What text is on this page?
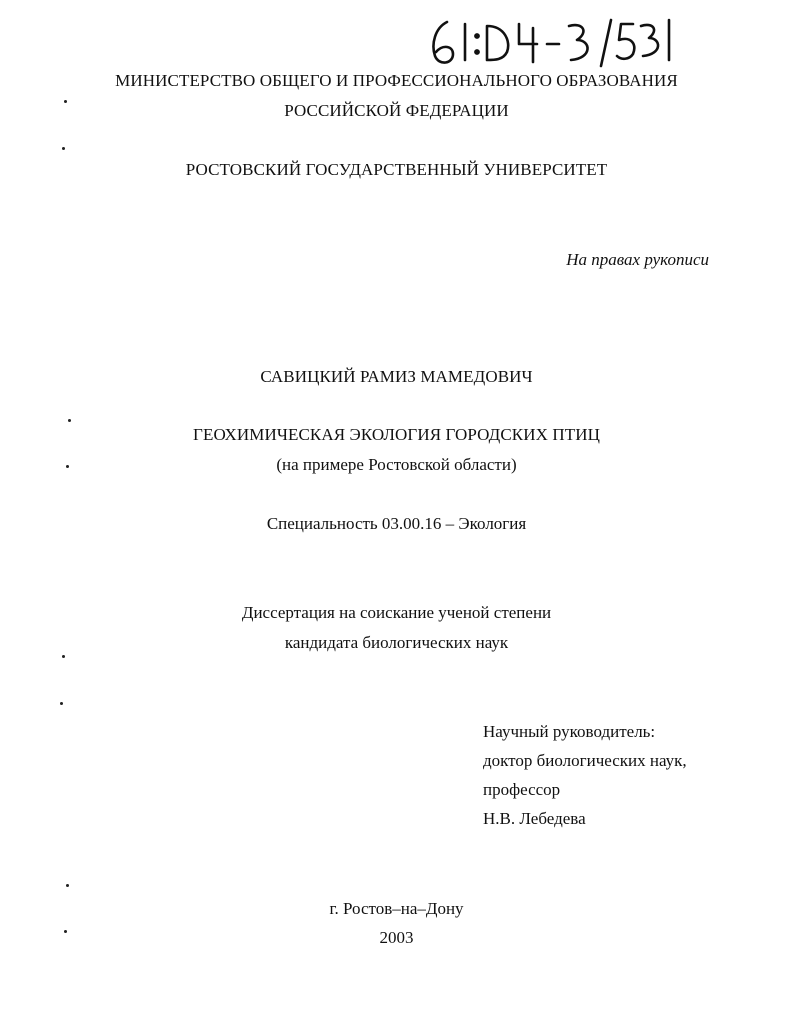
МИНИСТЕРСТВО ОБЩЕГО И ПРОФЕССИОНАЛЬНОГО ОБРАЗОВАНИЯ
РОССИЙСКОЙ ФЕДЕРАЦИИ
РОСТОВСКИЙ ГОСУДАРСТВЕННЫЙ УНИВЕРСИТЕТ
На правах рукописи
САВИЦКИЙ РАМИЗ МАМЕДОВИЧ
ГЕОХИМИЧЕСКАЯ ЭКОЛОГИЯ ГОРОДСКИХ ПТИЦ
(на примере Ростовской области)
Специальность 03.00.16 – Экология
Диссертация на соискание ученой степени
кандидата биологических наук
Научный руководитель:
доктор биологических наук,
профессор
Н.В. Лебедева
г. Ростов–на–Дону
2003
